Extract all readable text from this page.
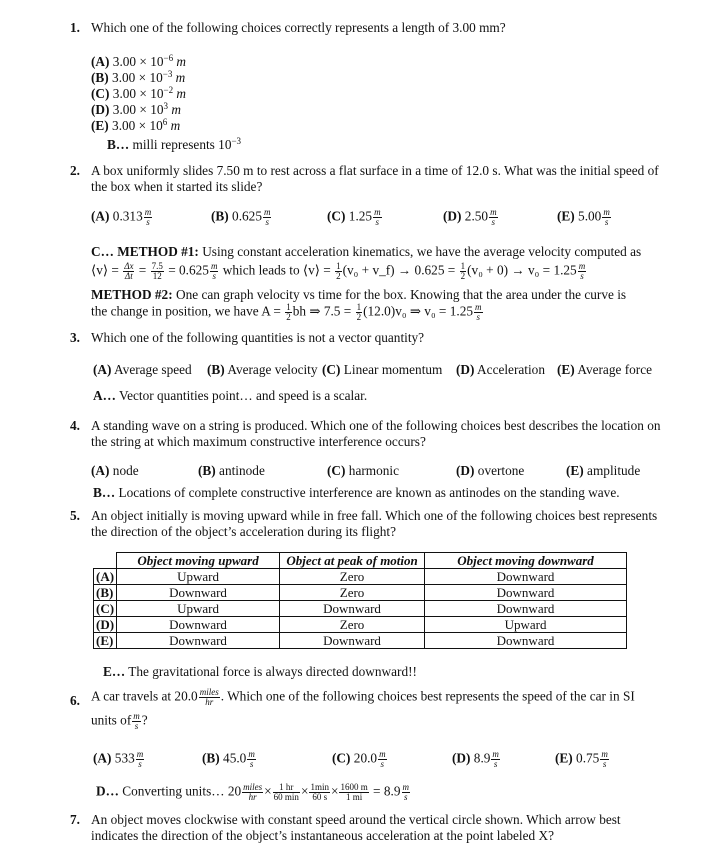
1. Which one of the following choices correctly represents a length of 3.00 mm?
(A) $3.00 \times 10^{-6}$ m
(B) $3.00 \times 10^{-3}$ m
(C) $3.00 \times 10^{-2}$ m
(D) $3.00 \times 10^3$ m
(E) $3.00 \times 10^6$ m
B… milli represents $10^{-3}$
2. A box uniformly slides 7.50 m to rest across a flat surface in a time of 12.0 s. What was the initial speed of the box when it started its slide?
(A) $0.313 \frac{m}{s}$	(B) $0.625 \frac{m}{s}$	(C) $1.25 \frac{m}{s}$	(D) $2.50 \frac{m}{s}$	(E) $5.00 \frac{m}{s}$
C… METHOD #1: Using constant acceleration kinematics, we have the average velocity computed as
⟨v⟩ = $\frac{\Delta x}{\Delta t} = \frac{7.5}{12} = 0.625 \frac{m}{s}$ which leads to ⟨v⟩ = $\frac{1}{2} (v_0$ + v_f) → $0.625 = \frac{1}{2} (v_0 + 0) \to v_0 = 1.25 \frac{m}{s}$
METHOD #2: One can graph velocity vs time for the box. Knowing that the area under the curve is
the change in position, we have $A = \frac{1}{2}$ bh ⇒ $7.5 = \frac{1}{2} (12.0)v_0$ ⇒ $v_0 = 1.25 \frac{m}{s}$
3. Which one of the following quantities is not a vector quantity?
(A) Average speed (B) Average velocity (C) Linear momentum (D) Acceleration (E) Average force
A… Vector quantities point… and speed is a scalar.
4. A standing wave on a string is produced. Which one of the following choices best describes the location on the string at which maximum constructive interference occurs?
(A) node	(B) antinode	(C) harmonic	(D) overtone	(E) amplitude
B… Locations of complete constructive interference are known as antinodes on the standing wave.
5. An object initially is moving upward while in free fall. Which one of the following choices best represents the direction of the object’s acceleration during its flight?
	Object moving upward	Object at peak of motion	Object moving downward
(A)	Upward	Zero	Downward
(B)	Downward	Zero	Downward
(C)	Upward	Downward	Downward
(D)	Downward	Zero	Upward
(E)	Downward	Downward	Downward
E… The gravitational force is always directed downward!!
6. A car travels at $20.0 \frac{\text{miles}}{hr}$ . Which one of the following choices best represents the speed of the car in SI
units of $\frac{m}{s}$ ?
(A) $533 \frac{m}{s}$	(B) $45.0 \frac{m}{s}$	(C) $20.0 \frac{m}{s}$	(D) $8.9 \frac{m}{s}$	(E) $0.75 \frac{m}{s}$
D… Converting units… $20 \frac{\text{miles}}{hr} \times \frac{1 hr}{60 \min} \times \frac{1\min}{60 s} \times \frac{1600 m}{1 mi} = 8.9 \frac{m}{s}$
7. An object moves clockwise with constant speed around the vertical circle shown. Which arrow best indicates the direction of the object’s instantaneous acceleration at the point labeled X?
